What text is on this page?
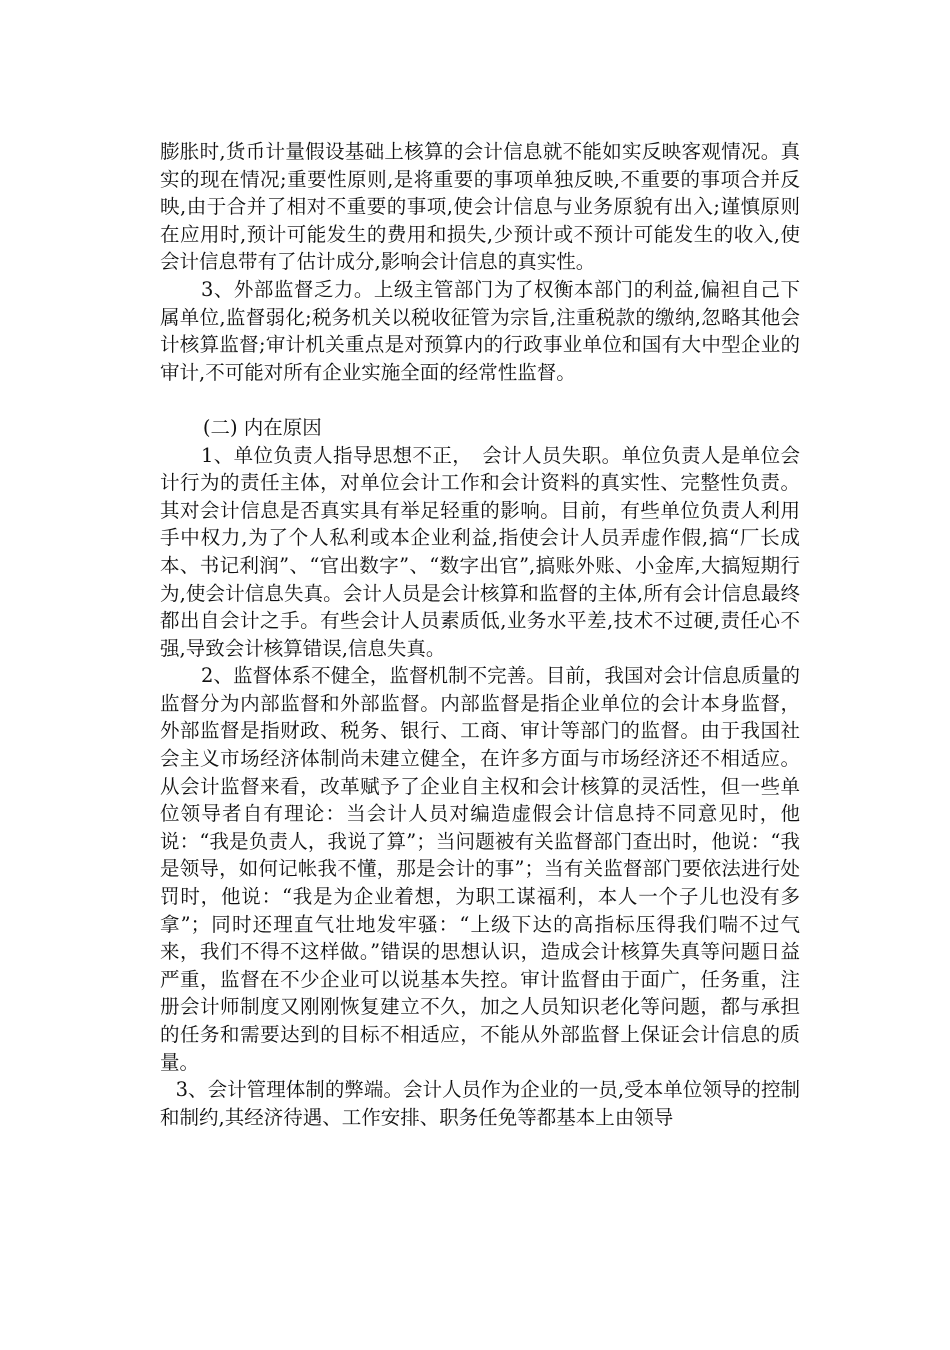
膨胀时,货币计量假设基础上核算的会计信息就不能如实反映客观情况。真实的现在情况;重要性原则,是将重要的事项单独反映,不重要的事项合并反映,由于合并了相对不重要的事项,使会计信息与业务原貌有出入;谨慎原则在应用时,预计可能发生的费用和损失,少预计或不预计可能发生的收入,使会计信息带有了估计成分,影响会计信息的真实性。

3、外部监督乏力。上级主管部门为了权衡本部门的利益,偏袒自己下属单位,监督弱化;税务机关以税收征管为宗旨,注重税款的缴纳,忽略其他会计核算监督;审计机关重点是对预算内的行政事业单位和国有大中型企业的审计,不可能对所有企业实施全面的经常性监督。

(二) 内在原因

1、单位负责人指导思想不正，　会计人员失职。单位负责人是单位会计行为的责任主体，对单位会计工作和会计资料的真实性、完整性负责。其对会计信息是否真实具有举足轻重的影响。目前，有些单位负责人利用手中权力,为了个人私利或本企业利益,指使会计人员弄虚作假,搞“厂长成本、书记利润”、“官出数字”、“数字出官”,搞账外账、小金库,大搞短期行为,使会计信息失真。会计人员是会计核算和监督的主体,所有会计信息最终都出自会计之手。有些会计人员素质低,业务水平差,技术不过硬,责任心不强,导致会计核算错误,信息失真。

2、监督体系不健全，监督机制不完善。目前，我国对会计信息质量的监督分为内部监督和外部监督。内部监督是指企业单位的会计本身监督，外部监督是指财政、税务、银行、工商、审计等部门的监督。由于我国社会主义市场经济体制尚未建立健全，在许多方面与市场经济还不相适应。从会计监督来看，改革赋予了企业自主权和会计核算的灵活性，但一些单位领导者自有理论：当会计人员对编造虚假会计信息持不同意见时，他说：“我是负责人，我说了算”；当问题被有关监督部门查出时，他说：“我是领导，如何记帐我不懂，那是会计的事”；当有关监督部门要依法进行处罚时，他说：“我是为企业着想，为职工谋福利，本人一个子儿也没有多拿”；同时还理直气壮地发牢骚：“上级下达的高指标压得我们喘不过气来，我们不得不这样做。”错误的思想认识，造成会计核算失真等问题日益严重，监督在不少企业可以说基本失控。审计监督由于面广，任务重，注册会计师制度又刚刚恢复建立不久，加之人员知识老化等问题，都与承担的任务和需要达到的目标不相适应，不能从外部监督上保证会计信息的质量。

3、会计管理体制的弊端。会计人员作为企业的一员,受本单位领导的控制和制约,其经济待遇、工作安排、职务任免等都基本上由领导
